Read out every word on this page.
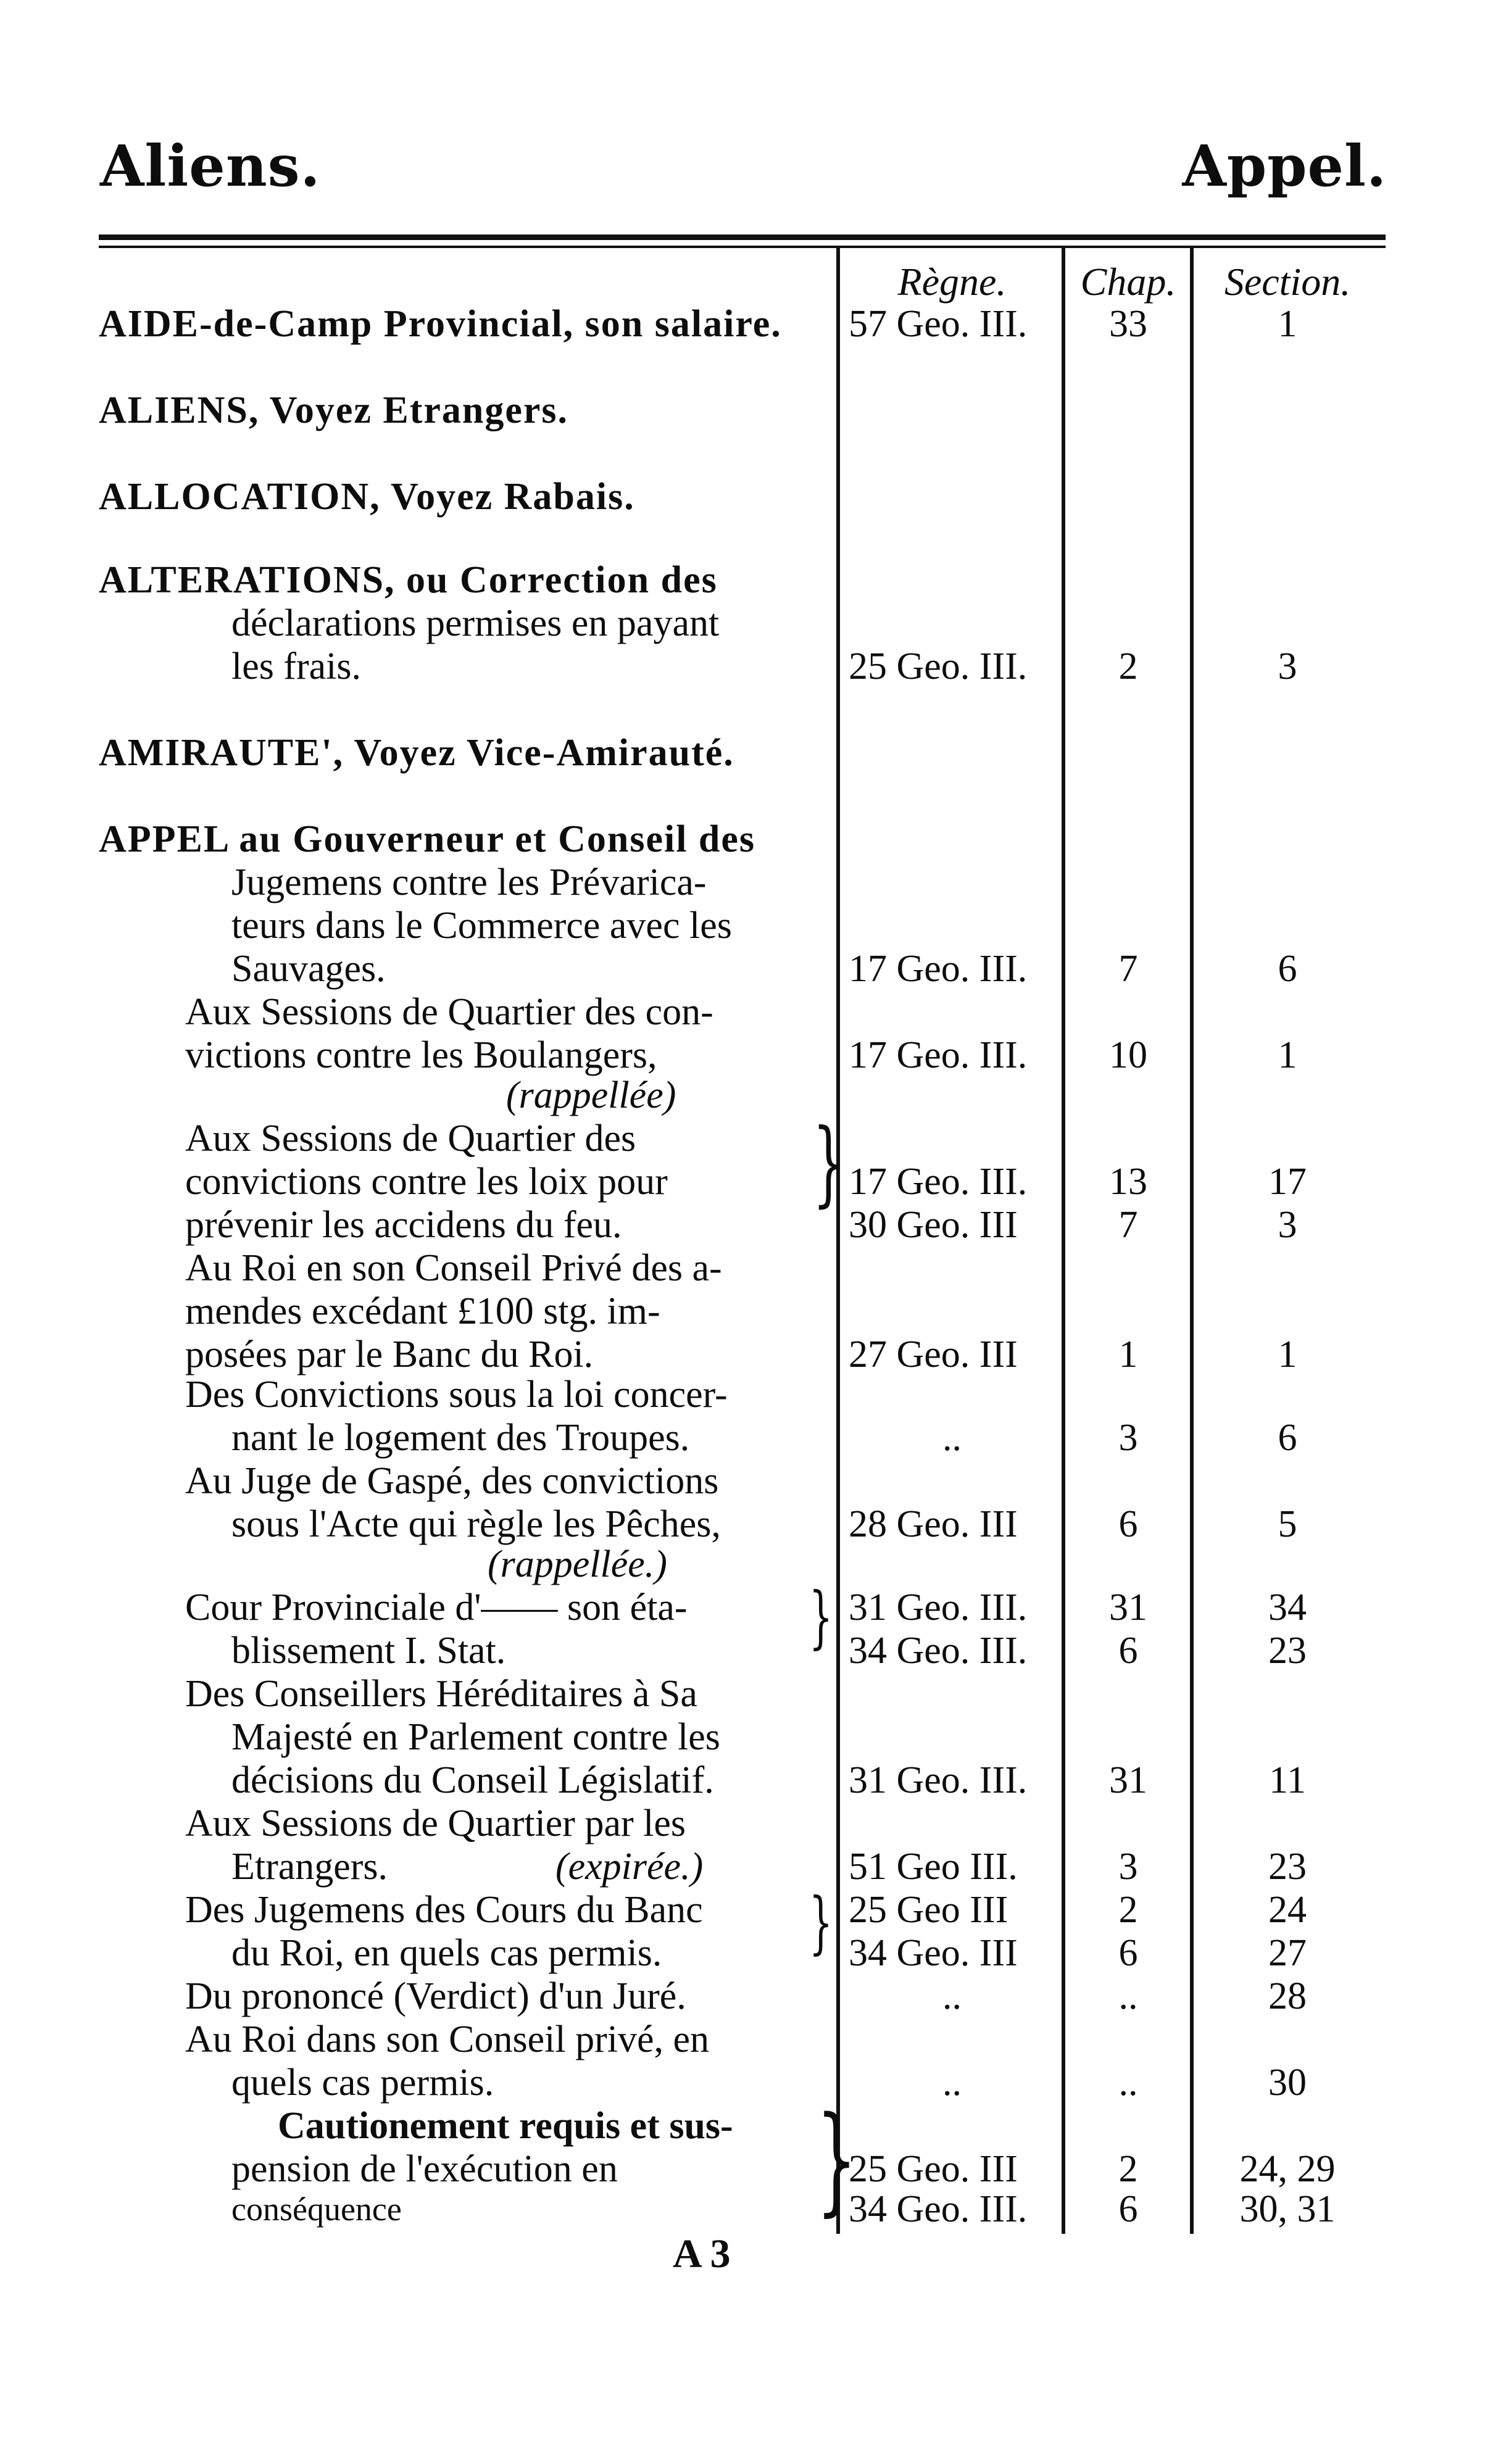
Aliens.	Appel.
Règne.	Chap.	Section.
AIDE-de-Camp Provincial, son salaire. 57 Geo. III.	33	1
ALIENS, Voyez Etrangers.
ALLOCATION, Voyez Rabais.
ALTERATIONS, ou Correction des
déclarations permises en payant
les frais.	25 Geo. III.	2	3
AMIRAUTE', Voyez Vice-Amirauté.
APPEL au Gouverneur et Conseil des
Jugemens contre les Prévarica-
teurs dans le Commerce avec les
Sauvages.	17 Geo. III.	7	6
Aux Sessions de Quartier des con-
victions contre les Boulangers,	17 Geo. III.	10	1
(rappellée)
Aux Sessions de Quartier des
convictions contre les loix pour	17 Geo. III.	13	17
prévenir les accidens du feu.	30 Geo. III	7	3
Au Roi en son Conseil Privé des a-
mendes excédant £100 stg. im-
posées par le Banc du Roi.	27 Geo. III	1	1
Des Convictions sous la loi concer-
nant le logement des Troupes.	..	3	6
Au Juge de Gaspé, des convictions
sous l'Acte qui règle les Pêches,	28 Geo. III	6	5
(rappellée.)
Cour Provinciale d'—— son éta-	31 Geo. III.	31	34
blissement I. Stat.	34 Geo. III.	6	23
Des Conseillers Héréditaires à Sa
Majesté en Parlement contre les
décisions du Conseil Législatif.	31 Geo. III.	31	11
Aux Sessions de Quartier par les
Etrangers.	(expirée.)	51 Geo III.	3	23
Des Jugemens des Cours du Banc	25 Geo III	2	24
du Roi, en quels cas permis.	34 Geo. III	6	27
Du prononcé (Verdict) d'un Juré.	..	..	28
Au Roi dans son Conseil privé, en
quels cas permis.	..	..	30
Cautionement requis et sus-
pension de l'exécution en	25 Geo. III	2	24, 29
conséquence	34 Geo. III.	6	30, 31
}
}
}
}
A 3
